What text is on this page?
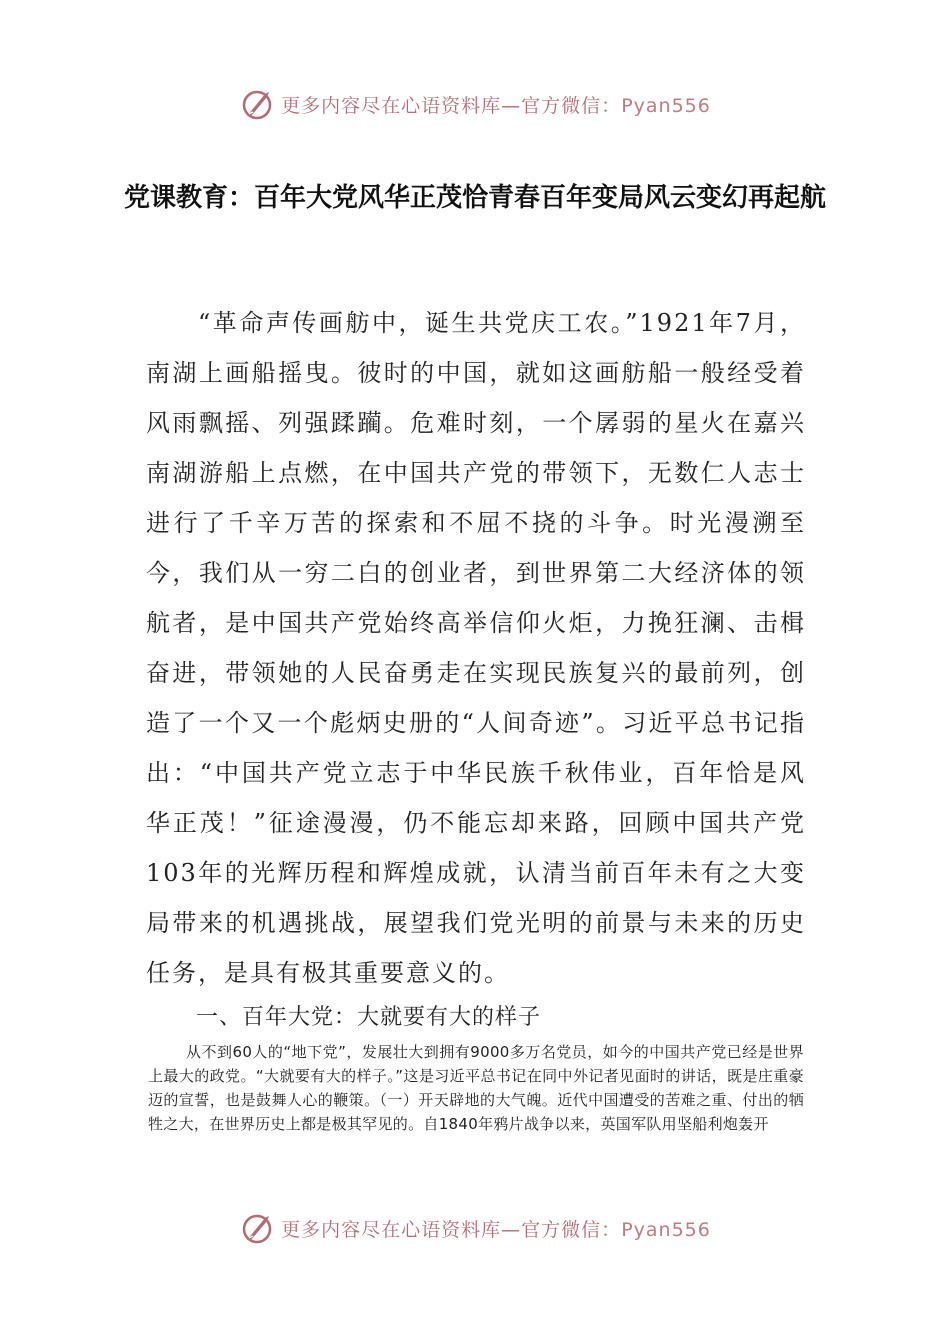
更多内容尽在心语资料库—官方微信：Pyan556
党课教育：百年大党风华正茂恰青春百年变局风云变幻再起航

“革命声传画舫中，诞生共党庆工农。”1921年7月，南湖上画船摇曳。彼时的中国，就如这画舫船一般经受着风雨飘摇、列强蹂躏。危难时刻，一个孱弱的星火在嘉兴南湖游船上点燃，在中国共产党的带领下，无数仁人志士进行了千辛万苦的探索和不屈不挠的斗争。时光漫溯至今，我们从一穷二白的创业者，到世界第二大经济体的领航者，是中国共产党始终高举信仰火炬，力挽狂澜、击楫奋进，带领她的人民奋勇走在实现民族复兴的最前列，创造了一个又一个彪炳史册的“人间奇迹”。习近平总书记指出：“中国共产党立志于中华民族千秋伟业，百年恰是风华正茂！”征途漫漫，仍不能忘却来路，回顾中国共产党103年的光辉历程和辉煌成就，认清当前百年未有之大变局带来的机遇挑战，展望我们党光明的前景与未来的历史任务，是具有极其重要意义的。

一、百年大党：大就要有大的样子

从不到60人的“地下党”，发展壮大到拥有9000多万名党员，如今的中国共产党已经是世界上最大的政党。“大就要有大的样子。”这是习近平总书记在同中外记者见面时的讲话，既是庄重豪迈的宣誓，也是鼓舞人心的鞭策。（一）开天辟地的大气魄。近代中国遭受的苦难之重、付出的牺牲之大，在世界历史上都是极其罕见的。自1840年鸦片战争以来，英国军队用坚船利炮轰开

更多内容尽在心语资料库—官方微信：Pyan556
